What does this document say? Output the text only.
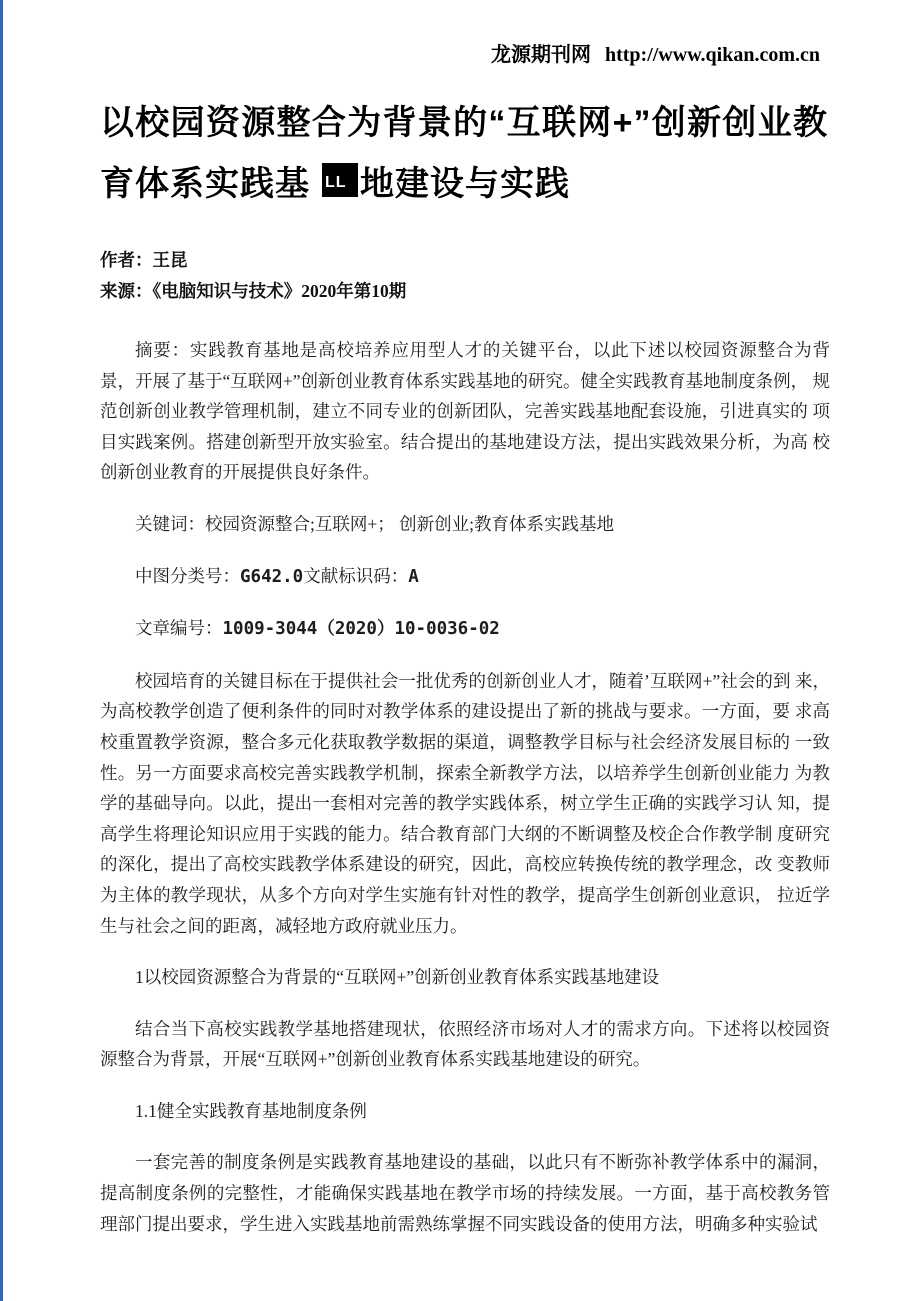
龙源期刊网 http://www.qikan.com.cn
以校园资源整合为背景的“互联网+”创新创业教育体系实践基 LL 地建设与实践
作者：王昆
来源：《电脑知识与技术》2020年第10期

摘要：实践教育基地是高校培养应用型人才的关键平台，以此下述以校园资源整合为背 景，开展了基于“互联网+”创新创业教育体系实践基地的研究。健全实践教育基地制度条例， 规范创新创业教学管理机制，建立不同专业的创新团队，完善实践基地配套设施，引进真实的 项目实践案例。搭建创新型开放实验室。结合提出的基地建设方法，提出实践效果分析，为高 校创新创业教育的开展提供良好条件。

关键词：校园资源整合;互联网+； 创新创业;教育体系实践基地

中图分类号：G642.0文献标识码：A

文章编号：1009-3044（2020）10-0036-02

校园培育的关键目标在于提供社会一批优秀的创新创业人才，随着’互联网+”社会的到 来，为高校教学创造了便利条件的同时对教学体系的建设提出了新的挑战与要求。一方面，要 求高校重置教学资源，整合多元化获取教学数据的渠道，调整教学目标与社会经济发展目标的 一致性。另一方面要求高校完善实践教学机制，探索全新教学方法，以培养学生创新创业能力 为教学的基础导向。以此，提出一套相对完善的教学实践体系，树立学生正确的实践学习认 知，提高学生将理论知识应用于实践的能力。结合教育部门大纲的不断调整及校企合作教学制 度研究的深化，提出了高校实践教学体系建设的研究，因此，高校应转换传统的教学理念，改 变教师为主体的教学现状，从多个方向对学生实施有针对性的教学，提高学生创新创业意识， 拉近学生与社会之间的距离，减轻地方政府就业压力。

1以校园资源整合为背景的“互联网+”创新创业教育体系实践基地建设

结合当下高校实践教学基地搭建现状，依照经济市场对人才的需求方向。下述将以校园资 源整合为背景，开展“互联网+”创新创业教育体系实践基地建设的研究。

1.1健全实践教育基地制度条例

一套完善的制度条例是实践教育基地建设的基础，以此只有不断弥补教学体系中的漏洞， 提高制度条例的完整性，才能确保实践基地在教学市场的持续发展。一方面，基于高校教务管 理部门提出要求，学生进入实践基地前需熟练掌握不同实践设备的使用方法，明确多种实验试
